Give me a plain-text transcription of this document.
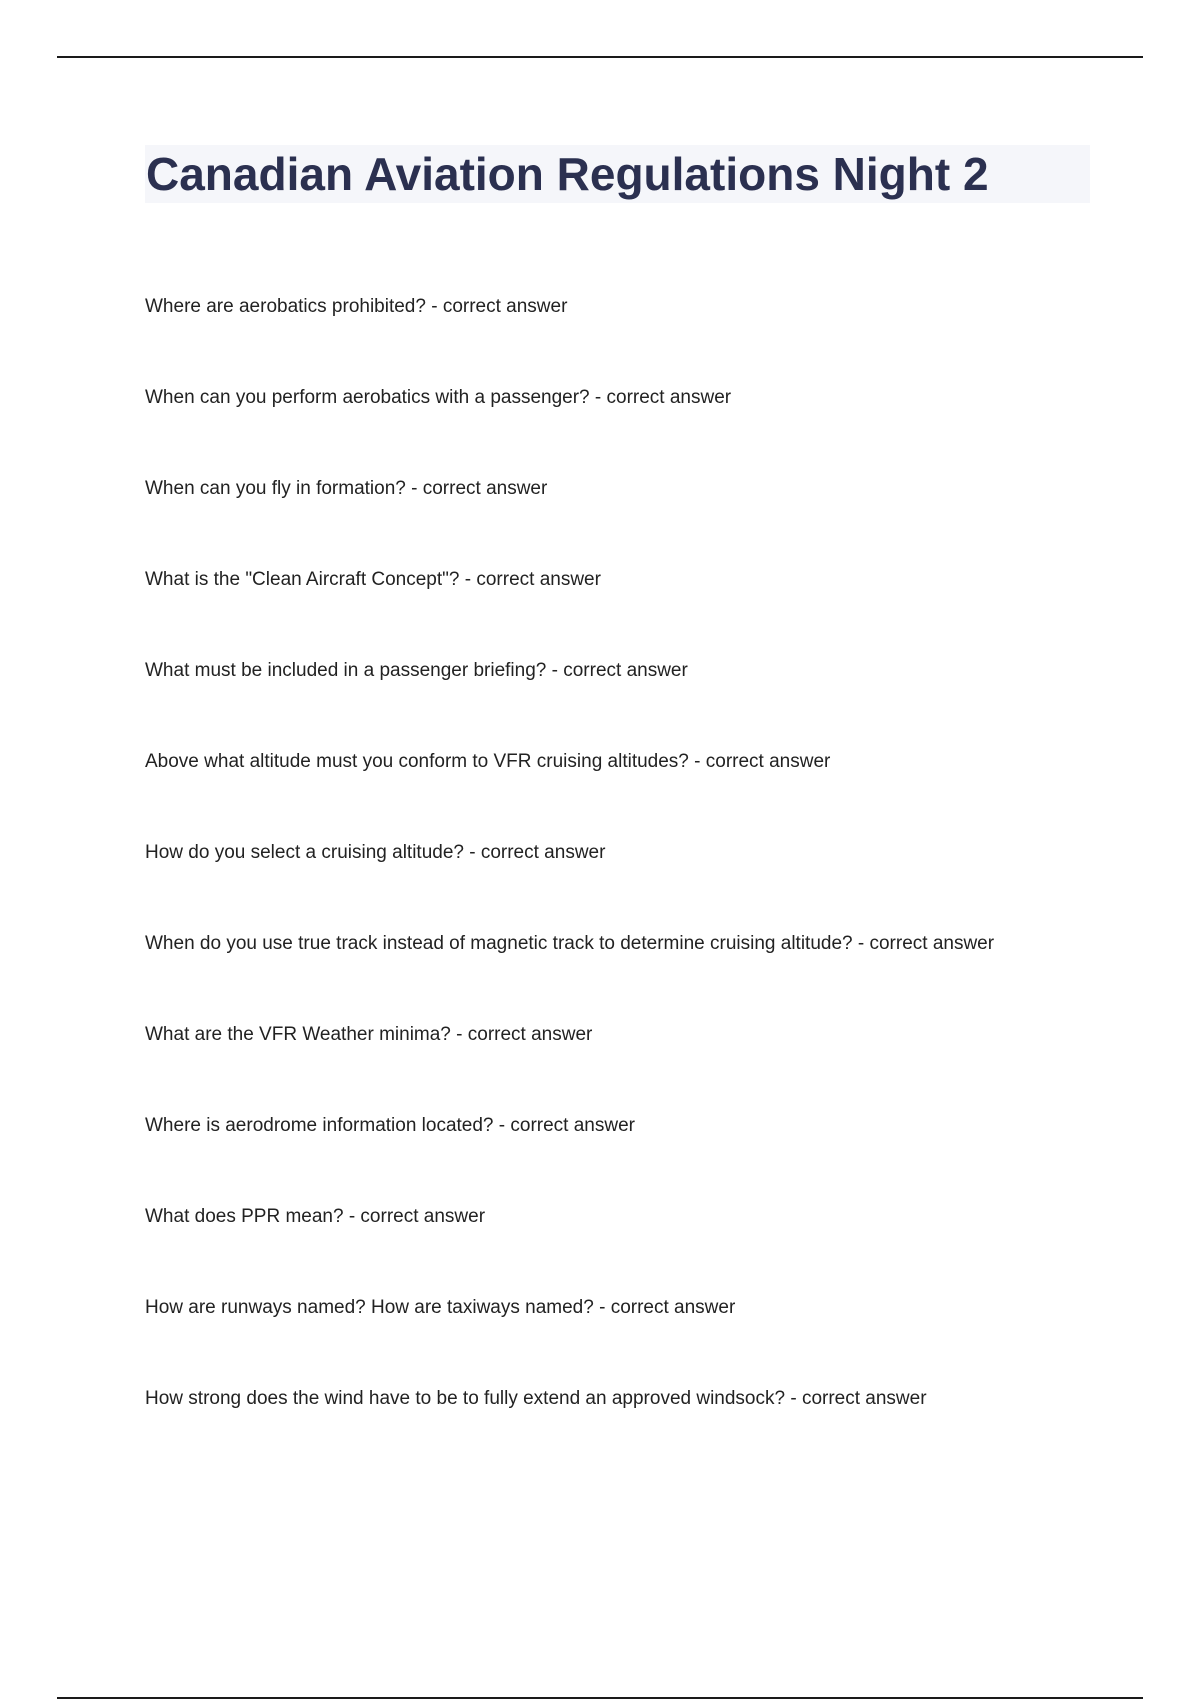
Canadian Aviation Regulations Night 2
Where are aerobatics prohibited? - correct answer
When can you perform aerobatics with a passenger? - correct answer
When can you fly in formation? - correct answer
What is the "Clean Aircraft Concept"? - correct answer
What must be included in a passenger briefing? - correct answer
Above what altitude must you conform to VFR cruising altitudes? - correct answer
How do you select a cruising altitude? - correct answer
When do you use true track instead of magnetic track to determine cruising altitude? - correct answer
What are the VFR Weather minima? - correct answer
Where is aerodrome information located? - correct answer
What does PPR mean? - correct answer
How are runways named? How are taxiways named? - correct answer
How strong does the wind have to be to fully extend an approved windsock? - correct answer
